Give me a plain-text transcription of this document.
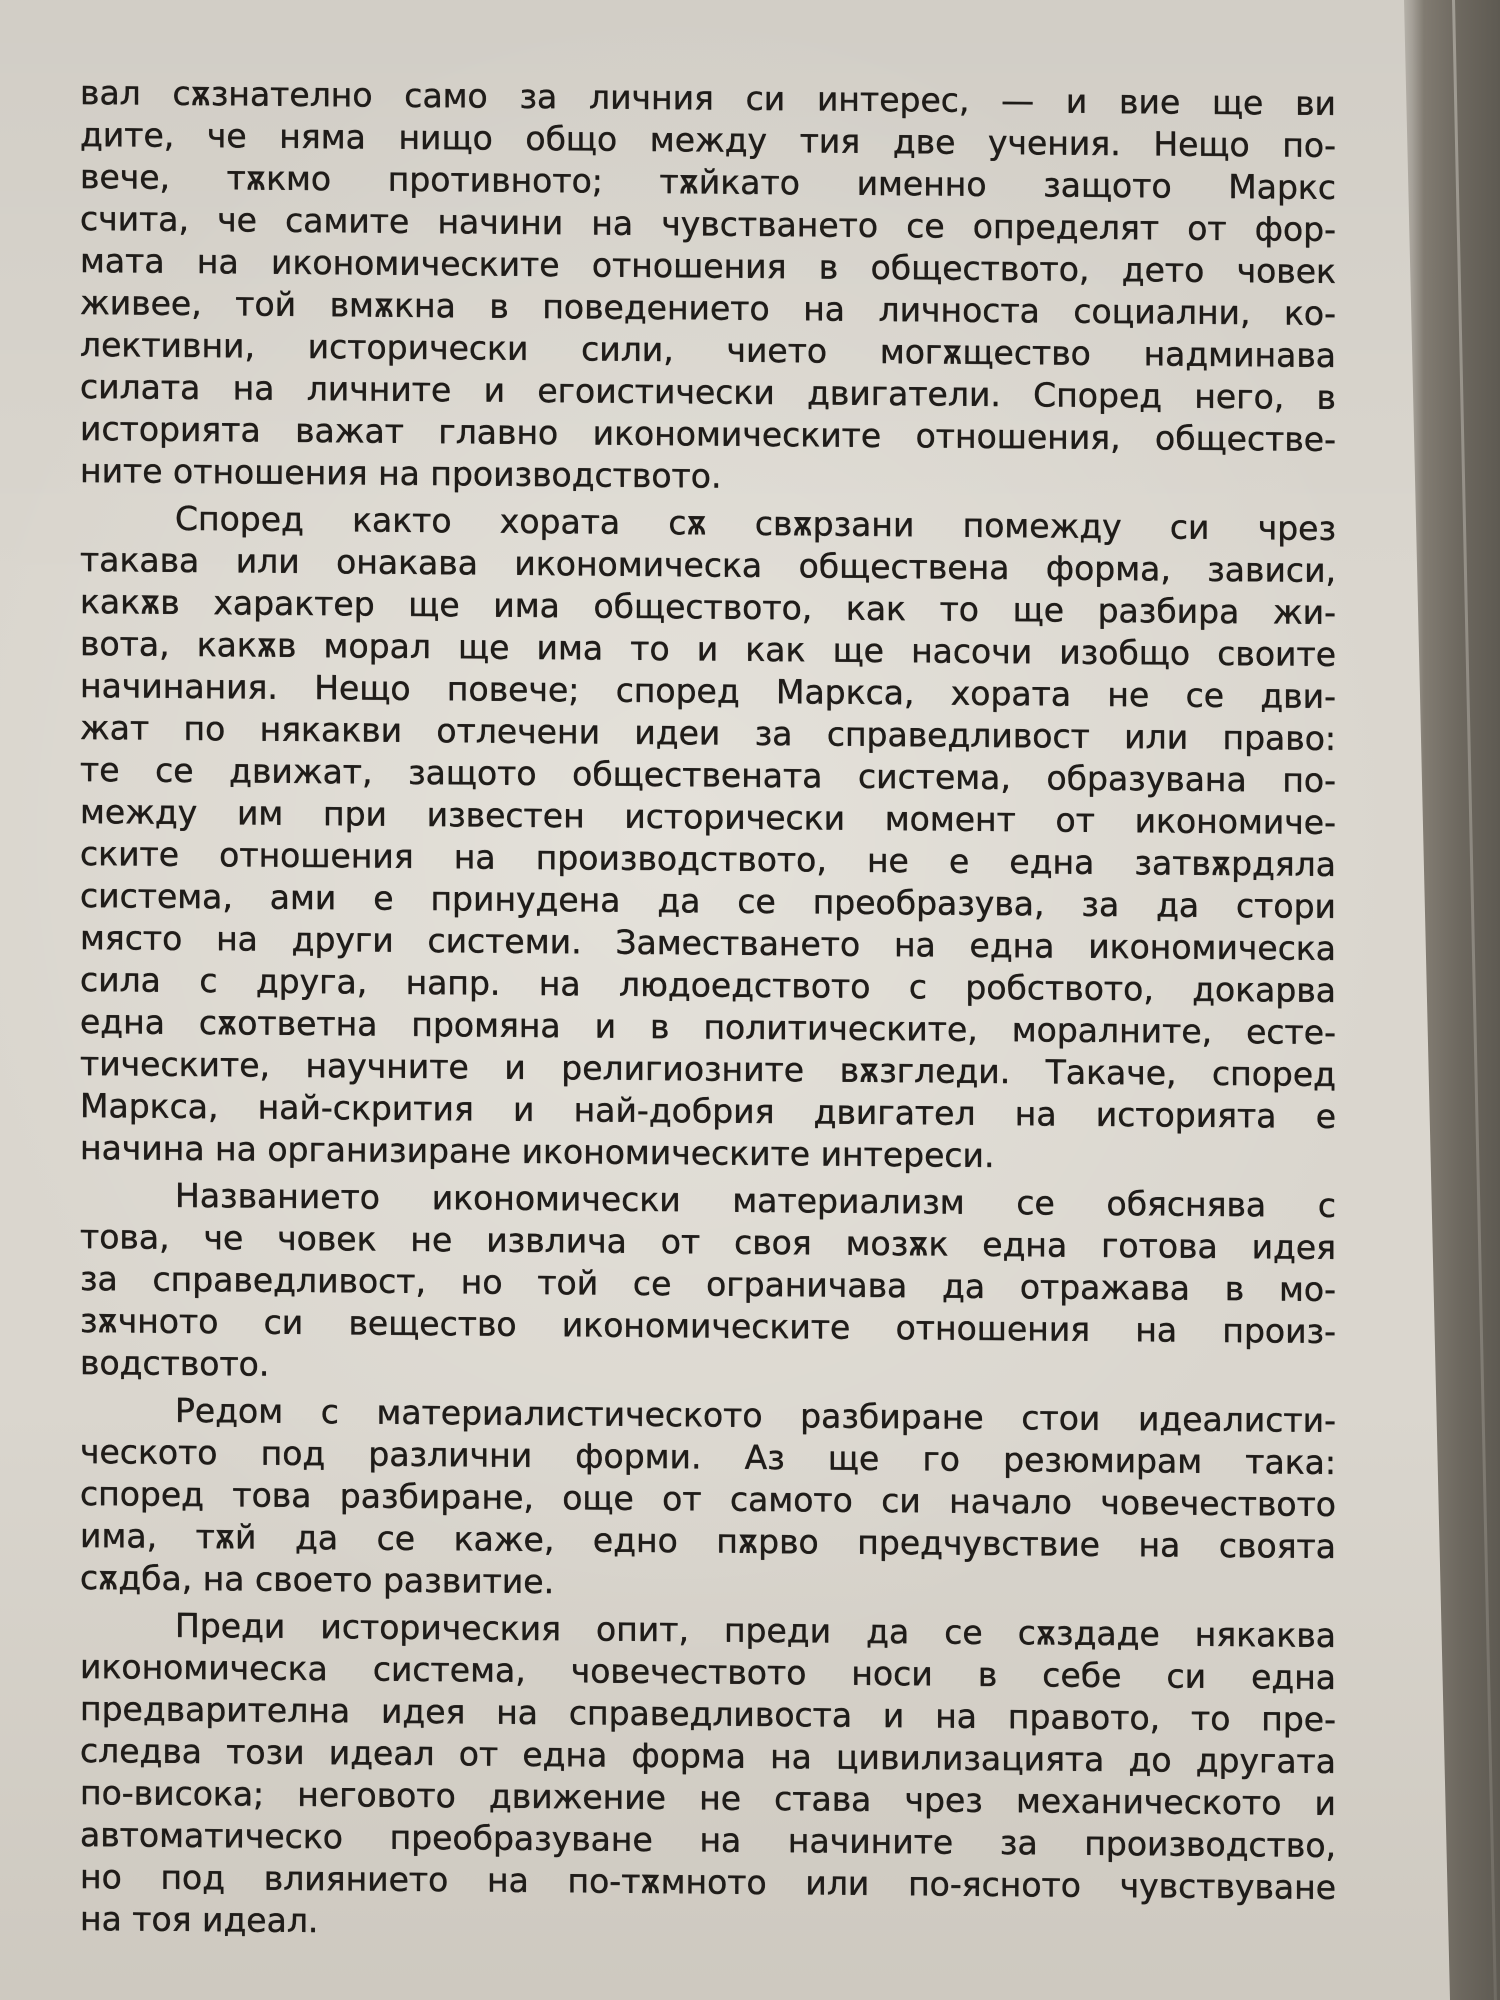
вал сѫзнателно само за личния си интерес, — и вие ще ви
дите, че няма нищо общо между тия две учения. Нещо по-
вече, тѫкмо противното; тѫйкато именно защото Маркс
счита, че самите начини на чувстването се определят от фор-
мата на икономическите отношения в обществото, дето човек
живее, той вмѫкна в поведението на личноста социални, ко-
лективни, исторически сили, чието могѫщество надминава
силата на личните и егоистически двигатели. Според него, в
историята важат главно икономическите отношения, обществе-
ните отношения на производството.
Според както хората сѫ свѫрзани помежду си чрез
такава или онакава икономическа обществена форма, зависи,
какѫв характер ще има обществото, как то ще разбира жи-
вота, какѫв морал ще има то и как ще насочи изобщо своите
начинания. Нещо повече; според Маркса, хората не се дви-
жат по някакви отлечени идеи за справедливост или право:
те се движат, защото обществената система, образувана по-
между им при известен исторически момент от икономиче-
ските отношения на производството, не е една затвѫрдяла
система, ами е принудена да се преобразува, за да стори
място на други системи. Заместването на една икономическа
сила с друга, напр. на людоедството с робството, докарва
една сѫответна промяна и в политическите, моралните, есте-
тическите, научните и религиозните вѫзгледи. Такаче, според
Маркса, най-скрития и най-добрия двигател на историята е
начина на организиране икономическите интереси.
Названието икономически материализм се обяснява с
това, че човек не извлича от своя мозѫк една готова идея
за справедливост, но той се ограничава да отражава в мо-
зѫчното си вещество икономическите отношения на произ-
водството.
Редом с материалистическото разбиране стои идеалисти-
ческото под различни форми. Аз ще го резюмирам така:
според това разбиране, още от самото си начало човечеството
има, тѫй да се каже, едно пѫрво предчувствие на своята
сѫдба, на своето развитие.
Преди историческия опит, преди да се сѫздаде някаква
икономическа система, човечеството носи в себе си една
предварителна идея на справедливоста и на правото, то пре-
следва този идеал от една форма на цивилизацията до другата
по-висока; неговото движение не става чрез механическото и
автоматическо преобразуване на начините за производство,
но под влиянието на по-тѫмното или по-ясното чувствуване
на тоя идеал.
